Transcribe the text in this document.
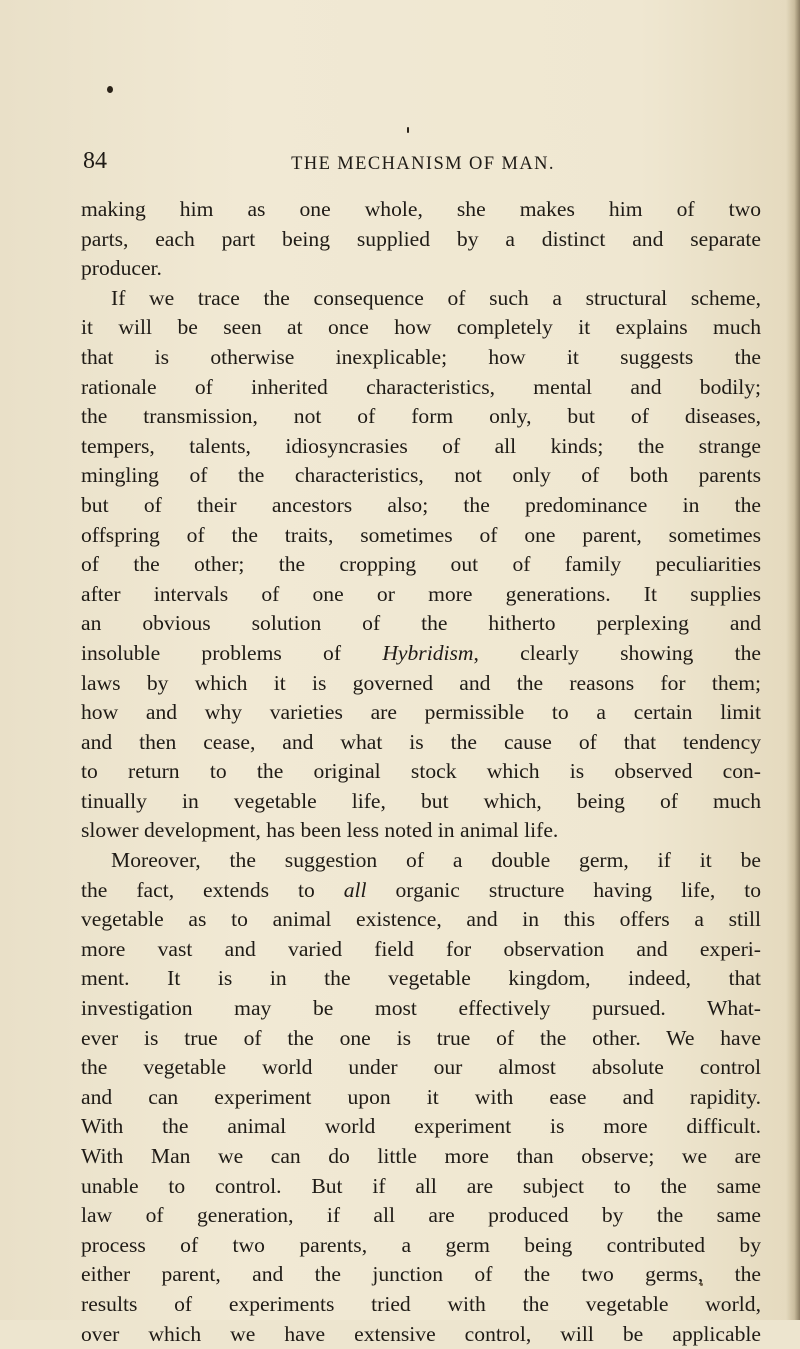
84	THE MECHANISM OF MAN.
making him as one whole, she makes him of two
parts, each part being supplied by a distinct and separate
producer.
If we trace the consequence of such a structural scheme,
it will be seen at once how completely it explains much
that is otherwise inexplicable; how it suggests the
rationale of inherited characteristics, mental and bodily;
the transmission, not of form only, but of diseases,
tempers, talents, idiosyncrasies of all kinds; the strange
mingling of the characteristics, not only of both parents
but of their ancestors also; the predominance in the
offspring of the traits, sometimes of one parent, sometimes
of the other; the cropping out of family peculiarities
after intervals of one or more generations. It supplies
an obvious solution of the hitherto perplexing and
insoluble problems of Hybridism, clearly showing the
laws by which it is governed and the reasons for them;
how and why varieties are permissible to a certain limit
and then cease, and what is the cause of that tendency
to return to the original stock which is observed con-
tinually in vegetable life, but which, being of much
slower development, has been less noted in animal life.
Moreover, the suggestion of a double germ, if it be
the fact, extends to all organic structure having life, to
vegetable as to animal existence, and in this offers a still
more vast and varied field for observation and experi-
ment. It is in the vegetable kingdom, indeed, that
investigation may be most effectively pursued. What-
ever is true of the one is true of the other. We have
the vegetable world under our almost absolute control
and can experiment upon it with ease and rapidity.
With the animal world experiment is more difficult.
With Man we can do little more than observe; we are
unable to control. But if all are subject to the same
law of generation, if all are produced by the same
process of two parents, a germ being contributed by
either parent, and the junction of the two germs, the
results of experiments tried with the vegetable world,
over which we have extensive control, will be applicable
